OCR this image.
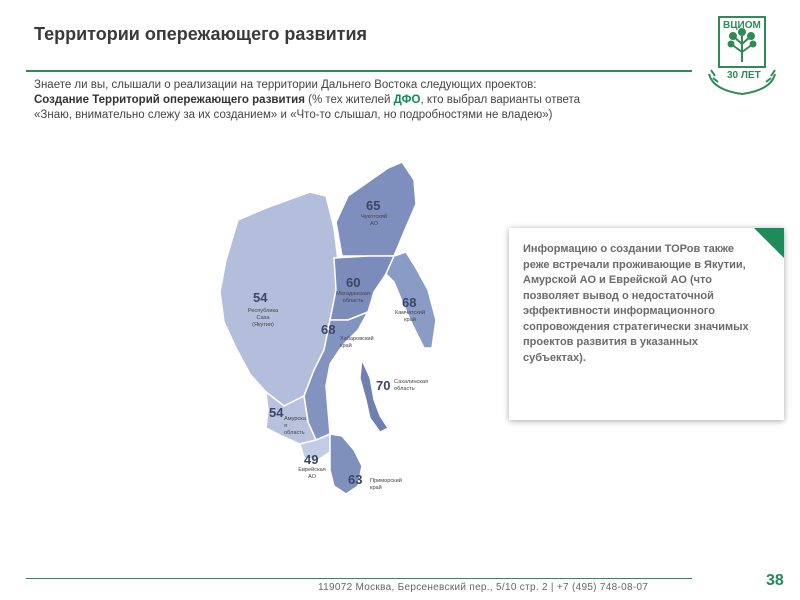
Территории опережающего развития	ВЦИОМ
30 ЛЕТ
Знаете ли вы, слышали о реализации на территории Дальнего Востока следующих проектов:
Создание Территорий опережающего развития (% тех жителей ДФО, кто выбрал варианты ответа
«Знаю, внимательно слежу за их созданием» и «Что-то слышал, но подробностями не владею»)
65
Чукотский
АО
60
Магаданская
область	68
Камчатский
край
54
Республика
Саха
(Якутия)	68
Хабаровский
край
70 Сахалинская
область
54 Амурска
я
область
49
Еврейская
АО	63 Приморский
край
Информацию о создании ТОРов также реже встречали проживающие в Якутии, Амурской АО и Еврейской АО (что позволяет вывод о недостаточной эффективности информационного сопровождения стратегически значимых проектов развития в указанных субъектах).
119072 Москва, Берсеневский пер., 5/10 стр. 2 | +7 (495) 748-08-07	38
